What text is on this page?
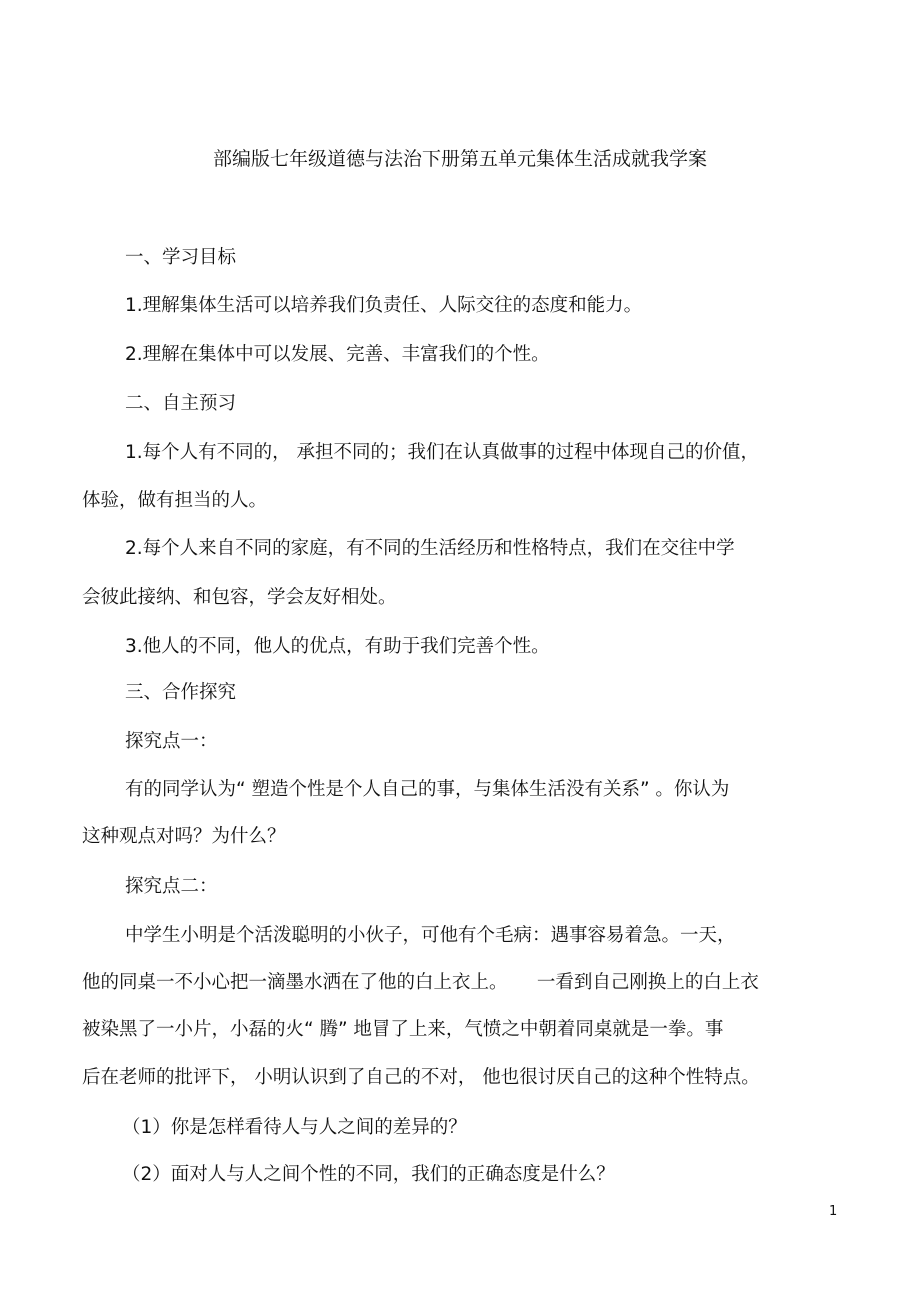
部编版七年级道德与法治下册第五单元集体生活成就我学案
一、学习目标
1.理解集体生活可以培养我们负责任、人际交往的态度和能力。
2.理解在集体中可以发展、完善、丰富我们的个性。
二、自主预习
1.每个人有不同的， 承担不同的；我们在认真做事的过程中体现自己的价值，
体验，做有担当的人。
2.每个人来自不同的家庭，有不同的生活经历和性格特点，我们在交往中学
会彼此接纳、和包容，学会友好相处。
3.他人的不同，他人的优点，有助于我们完善个性。
三、合作探究
探究点一：
有的同学认为“ 塑造个性是个人自己的事，与集体生活没有关系” 。你认为
这种观点对吗？为什么？
探究点二：
中学生小明是个活泼聪明的小伙子，可他有个毛病：遇事容易着急。一天，
他的同桌一不小心把一滴墨水洒在了他的白上衣上。     一看到自己刚换上的白上衣
被染黑了一小片，小磊的火“ 腾” 地冒了上来，气愤之中朝着同桌就是一拳。事
后在老师的批评下， 小明认识到了自己的不对， 他也很讨厌自己的这种个性特点。
（1）你是怎样看待人与人之间的差异的？
（2）面对人与人之间个性的不同，我们的正确态度是什么？
1
